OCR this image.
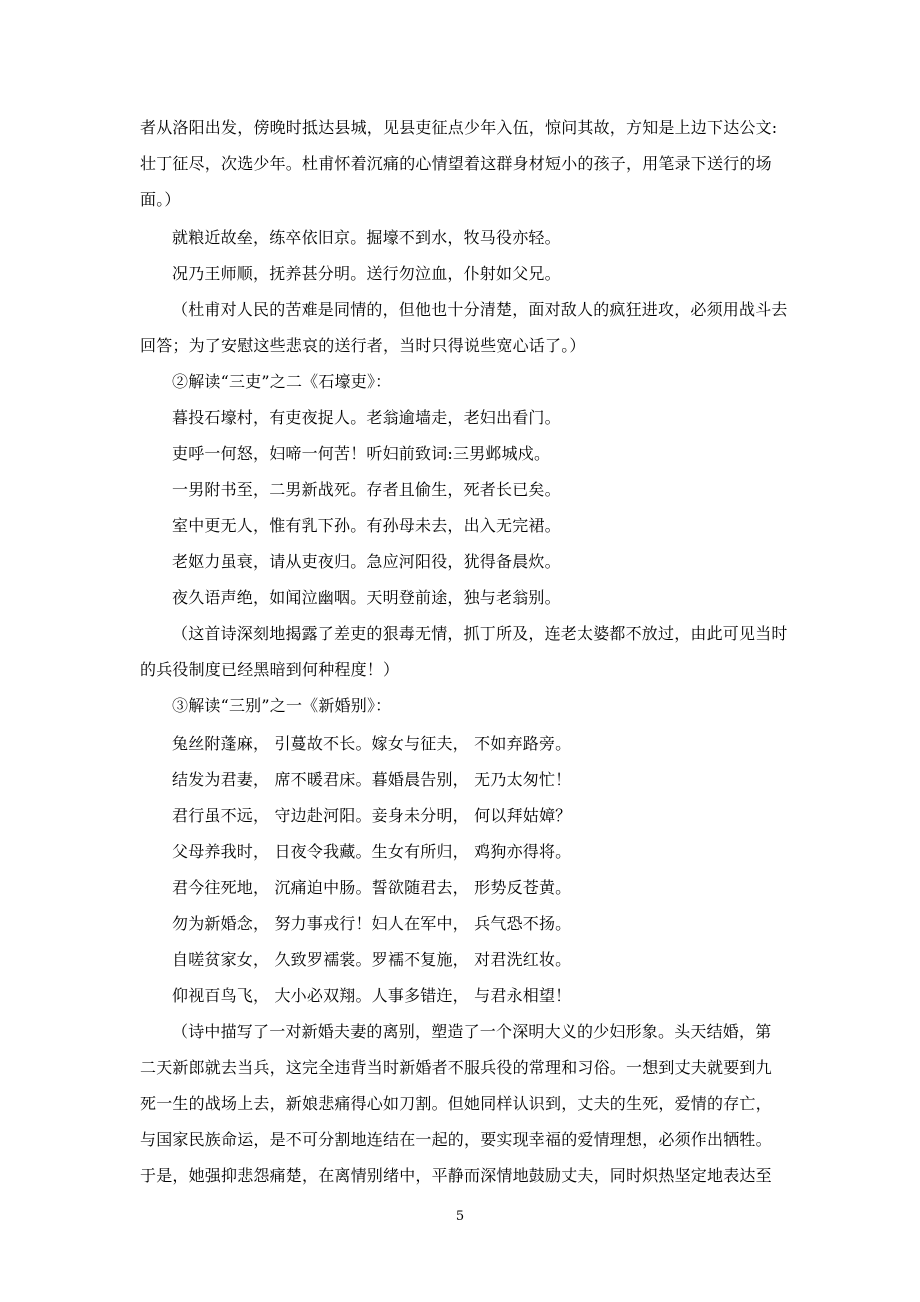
者从洛阳出发，傍晚时抵达县城，见县吏征点少年入伍，惊问其故，方知是上边下达公文:
壮丁征尽，次选少年。杜甫怀着沉痛的心情望着这群身材短小的孩子，用笔录下送行的场
面。）
就粮近故垒，练卒依旧京。掘壕不到水，牧马役亦轻。
况乃王师顺，抚养甚分明。送行勿泣血，仆射如父兄。
（杜甫对人民的苦难是同情的，但他也十分清楚，面对敌人的疯狂进攻，必须用战斗去
回答；为了安慰这些悲哀的送行者，当时只得说些宽心话了。）
②解读“三吏”之二《石壕吏》：
暮投石壕村，有吏夜捉人。老翁逾墙走，老妇出看门。
吏呼一何怒，妇啼一何苦！听妇前致词:三男邺城戍。
一男附书至，二男新战死。存者且偷生，死者长已矣。
室中更无人，惟有乳下孙。有孙母未去，出入无完裙。
老妪力虽衰，请从吏夜归。急应河阳役，犹得备晨炊。
夜久语声绝，如闻泣幽咽。天明登前途，独与老翁别。
（这首诗深刻地揭露了差吏的狠毒无情，抓丁所及，连老太婆都不放过，由此可见当时
的兵役制度已经黑暗到何种程度！）
③解读“三别”之一《新婚别》：
兔丝附蓬麻， 引蔓故不长。嫁女与征夫， 不如弃路旁。
结发为君妻， 席不暖君床。暮婚晨告别， 无乃太匆忙！
君行虽不远， 守边赴河阳。妾身未分明， 何以拜姑嫜？
父母养我时， 日夜令我藏。生女有所归， 鸡狗亦得将。
君今往死地， 沉痛迫中肠。誓欲随君去， 形势反苍黄。
勿为新婚念， 努力事戎行！妇人在军中， 兵气恐不扬。
自嗟贫家女， 久致罗襦裳。罗襦不复施， 对君洗红妆。
仰视百鸟飞， 大小必双翔。人事多错迕， 与君永相望！
（诗中描写了一对新婚夫妻的离别，塑造了一个深明大义的少妇形象。头天结婚，第
二天新郎就去当兵，这完全违背当时新婚者不服兵役的常理和习俗。一想到丈夫就要到九
死一生的战场上去，新娘悲痛得心如刀割。但她同样认识到，丈夫的生死，爱情的存亡，
与国家民族命运，是不可分割地连结在一起的，要实现幸福的爱情理想，必须作出牺牲。
于是，她强抑悲怨痛楚，在离情别绪中，平静而深情地鼓励丈夫，同时炽热坚定地表达至
5
